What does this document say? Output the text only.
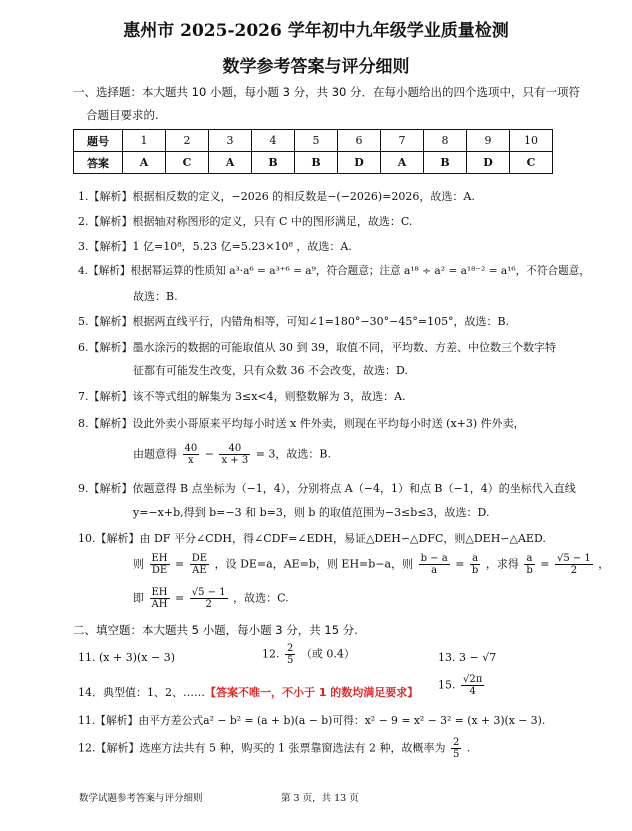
惠州市 2025-2026 学年初中九年级学业质量检测
数学参考答案与评分细则
一、选择题：本大题共 10 小题，每小题 3 分，共 30 分．在每小题给出的四个选项中，只有一项符
合题目要求的.
题号	1	2	3	4	5	6	7	8	9	10
答案	A	C	A	B	B	D	A	B	D	C
1.【解析】根据相反数的定义，−2026 的相反数是−(−2026)=2026，故选：A.
2.【解析】根据轴对称图形的定义，只有 C 中的图形满足，故选：C.
3.【解析】1 亿=10⁸，5.23 亿=5.23×10⁸ ，故选：A.
4.【解析】根据幂运算的性质知 a³·a⁶ = a³⁺⁶ = a⁹，符合题意；注意 a¹⁸ ÷ a² = a¹⁸⁻² = a¹⁶，不符合题意，
故选：B.
5.【解析】根据两直线平行，内错角相等，可知∠1=180°−30°−45°=105°，故选：B.
6.【解析】墨水涂污的数据的可能取值从 30 到 39，取值不同，平均数、方差、中位数三个数字特
征都有可能发生改变，只有众数 36 不会改变，故选：D.
7.【解析】该不等式组的解集为 3≤x<4，则整数解为 3，故选：A.
8.【解析】设此外卖小哥原来平均每小时送 x 件外卖，则现在平均每小时送 (x+3) 件外卖，
由题意得 $\frac{40}{x} - \frac{40}{x + 3} = 3$，故选：B.
9.【解析】依题意得 B 点坐标为（−1，4），分别将点 A（−4，1）和点 B（−1，4）的坐标代入直线
y=−x+b,得到 b=−3 和 b=3，则 b 的取值范围为−3≤b≤3，故选：D.
10.【解析】由 DF 平分∠CDH，得∠CDF=∠EDH，易证△DEH∽△DFC，则△DEH∽△AED.
则 $\frac{EH}{DE} = \frac{DE}{AE}$ ，设 DE=a，AE=b，则 EH=b−a，则 $\frac{b - a}{a} = \frac{a}{b}$ ，求得 $\frac{a}{b} = \frac{√5 - 1}{2}$ ，
即 $\frac{EH}{AH} = \frac{√5 - 1}{2}$ ，故选：C.
二、填空题：本大题共 5 小题，每小题 3 分，共 15 分.
11. (x + 3)(x − 3)	12. $\frac{2}{5}$ （或 0.4）	13. 3 − √7
14．典型值：1、2、……【答案不唯一，不小于 1 的数均满足要求】
15. $\frac{√2\pi}{4}$
11.【解析】由平方差公式a² − b² = (a + b)(a − b)可得：x² − 9 = x² − 3² = (x + 3)(x − 3).
12.【解析】选座方法共有 5 种，购买的 1 张票靠窗选法有 2 种，故概率为 $\frac{2}{5}$ .
数学试题参考答案与评分细则	第 3 页，共 13 页
